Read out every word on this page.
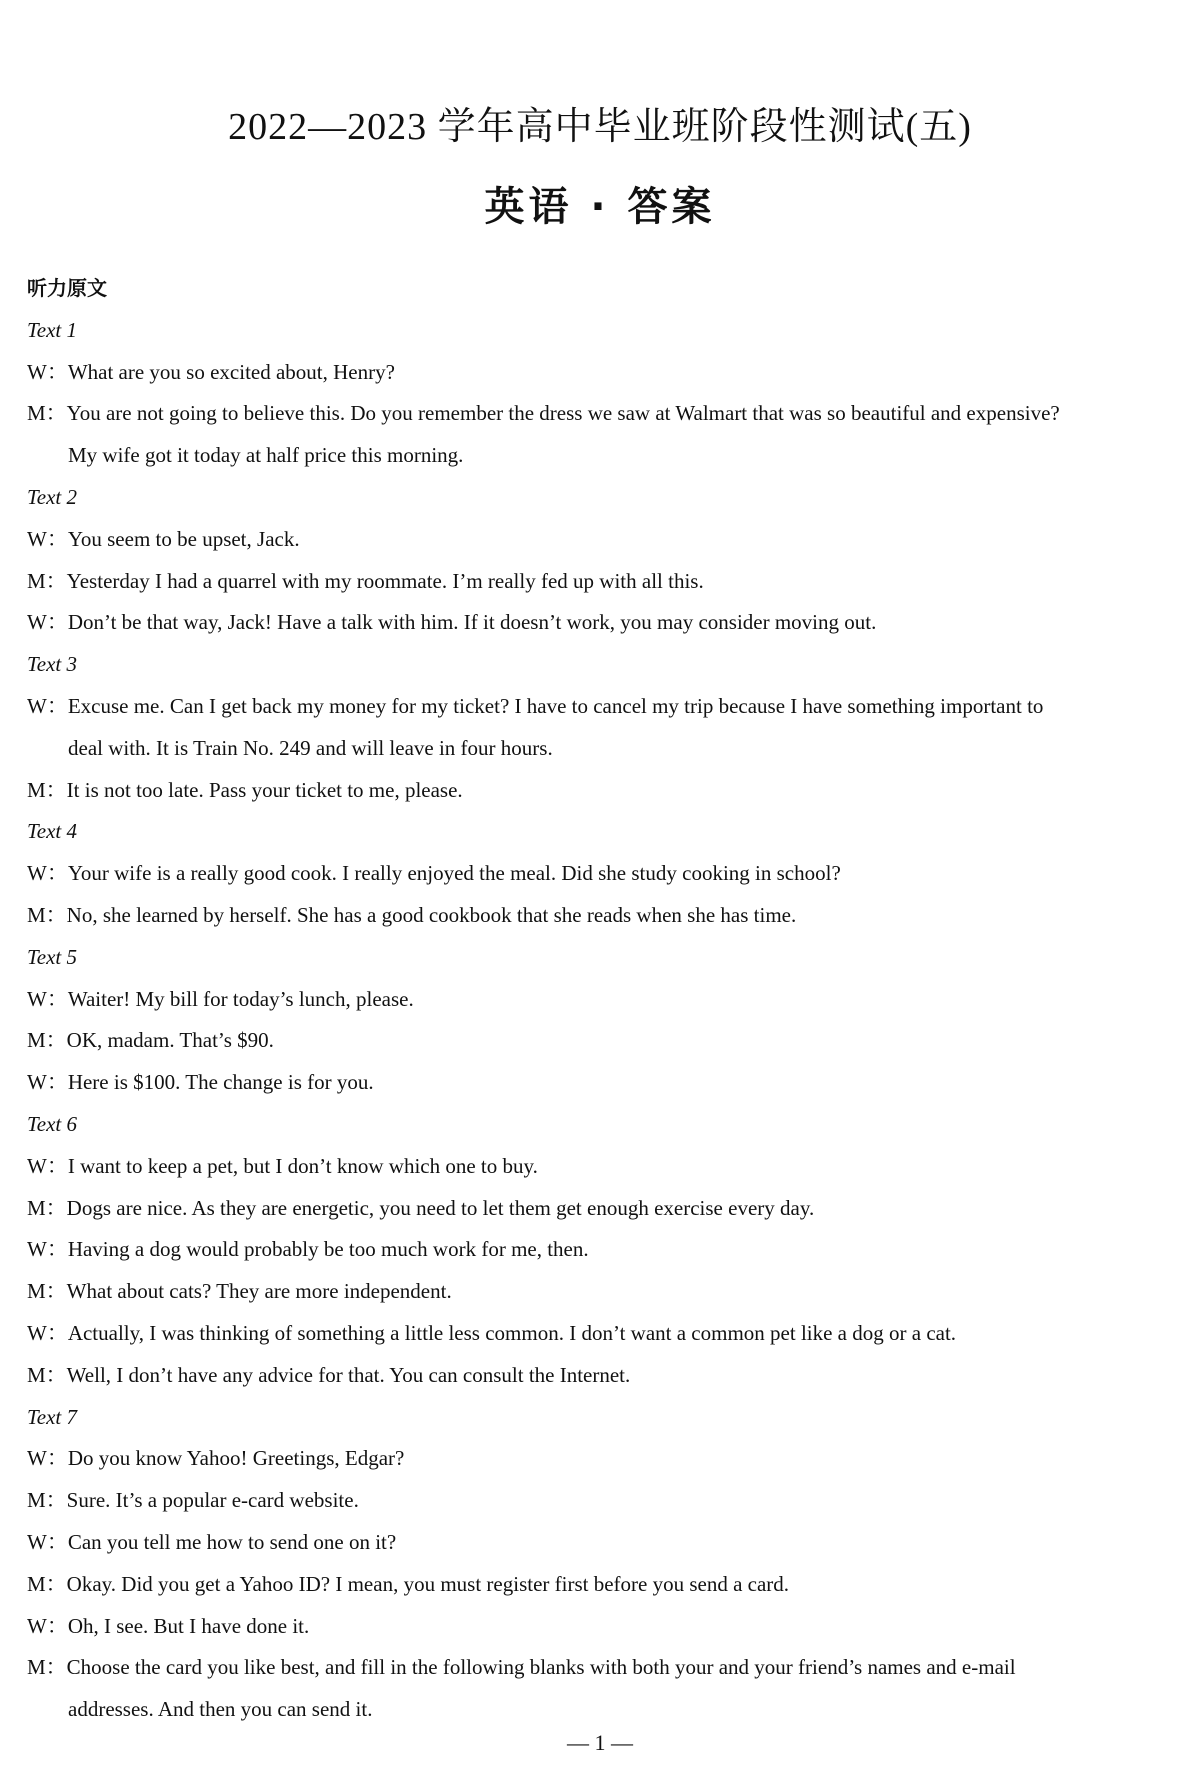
2022—2023 学年高中毕业班阶段性测试(五)
英语 · 答案
听力原文
Text 1
W：What are you so excited about, Henry?
M：You are not going to believe this. Do you remember the dress we saw at Walmart that was so beautiful and expensive?
My wife got it today at half price this morning.
Text 2
W：You seem to be upset, Jack.
M：Yesterday I had a quarrel with my roommate. I’m really fed up with all this.
W：Don’t be that way, Jack! Have a talk with him. If it doesn’t work, you may consider moving out.
Text 3
W：Excuse me. Can I get back my money for my ticket? I have to cancel my trip because I have something important to
deal with. It is Train No. 249 and will leave in four hours.
M：It is not too late. Pass your ticket to me, please.
Text 4
W：Your wife is a really good cook. I really enjoyed the meal. Did she study cooking in school?
M：No, she learned by herself. She has a good cookbook that she reads when she has time.
Text 5
W：Waiter! My bill for today’s lunch, please.
M：OK, madam. That’s $90.
W：Here is $100. The change is for you.
Text 6
W：I want to keep a pet, but I don’t know which one to buy.
M：Dogs are nice. As they are energetic, you need to let them get enough exercise every day.
W：Having a dog would probably be too much work for me, then.
M：What about cats? They are more independent.
W：Actually, I was thinking of something a little less common. I don’t want a common pet like a dog or a cat.
M：Well, I don’t have any advice for that. You can consult the Internet.
Text 7
W：Do you know Yahoo! Greetings, Edgar?
M：Sure. It’s a popular e-card website.
W：Can you tell me how to send one on it?
M：Okay. Did you get a Yahoo ID? I mean, you must register first before you send a card.
W：Oh, I see. But I have done it.
M：Choose the card you like best, and fill in the following blanks with both your and your friend’s names and e-mail
addresses. And then you can send it.
— 1 —
